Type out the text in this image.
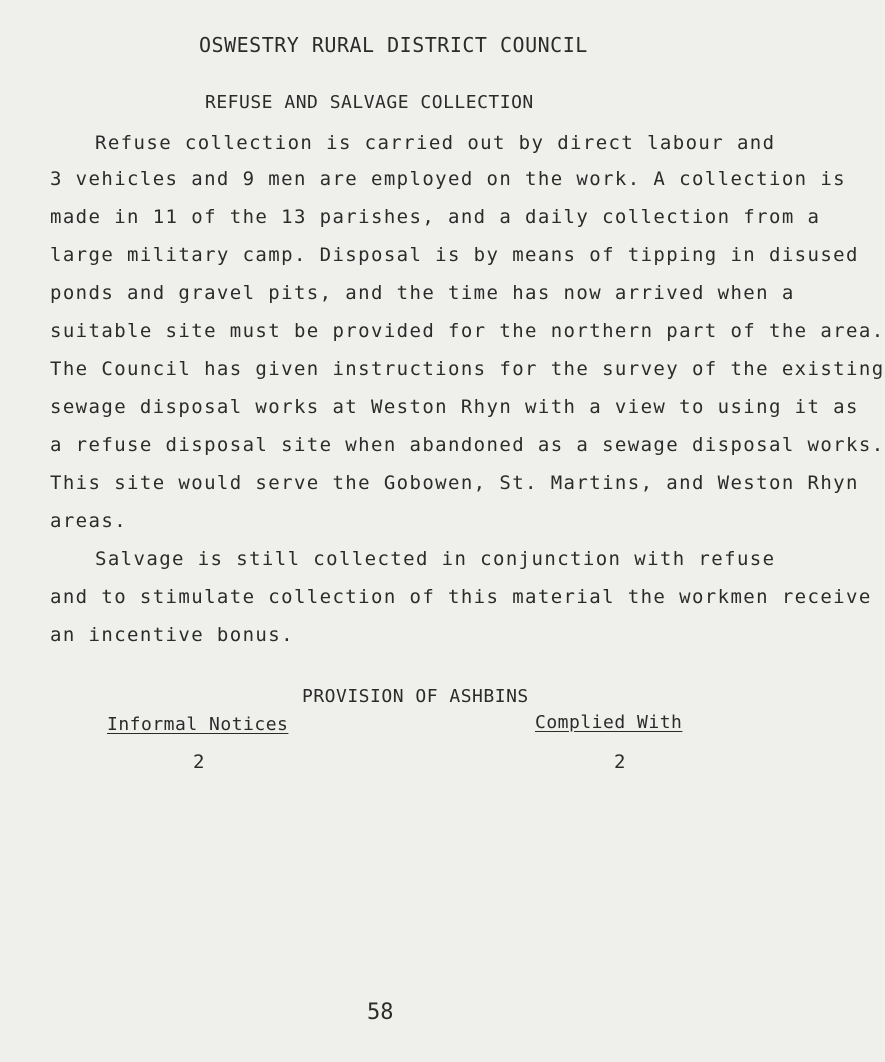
OSWESTRY RURAL DISTRICT COUNCIL

REFUSE AND SALVAGE COLLECTION

Refuse collection is carried out by direct labour and

3 vehicles and 9 men are employed on the work. A collection is

made in 11 of the 13 parishes, and a daily collection from a

large military camp. Disposal is by means of tipping in disused

ponds and gravel pits, and the time has now arrived when a

suitable site must be provided for the northern part of the area.

The Council has given instructions for the survey of the existing

sewage disposal works at Weston Rhyn with a view to using it as

a refuse disposal site when abandoned as a sewage disposal works.

This site would serve the Gobowen, St. Martins, and Weston Rhyn

areas.

Salvage is still collected in conjunction with refuse

and to stimulate collection of this material the workmen receive

an incentive bonus.

PROVISION OF ASHBINS

Informal Notices	Complied With

2	2

58
